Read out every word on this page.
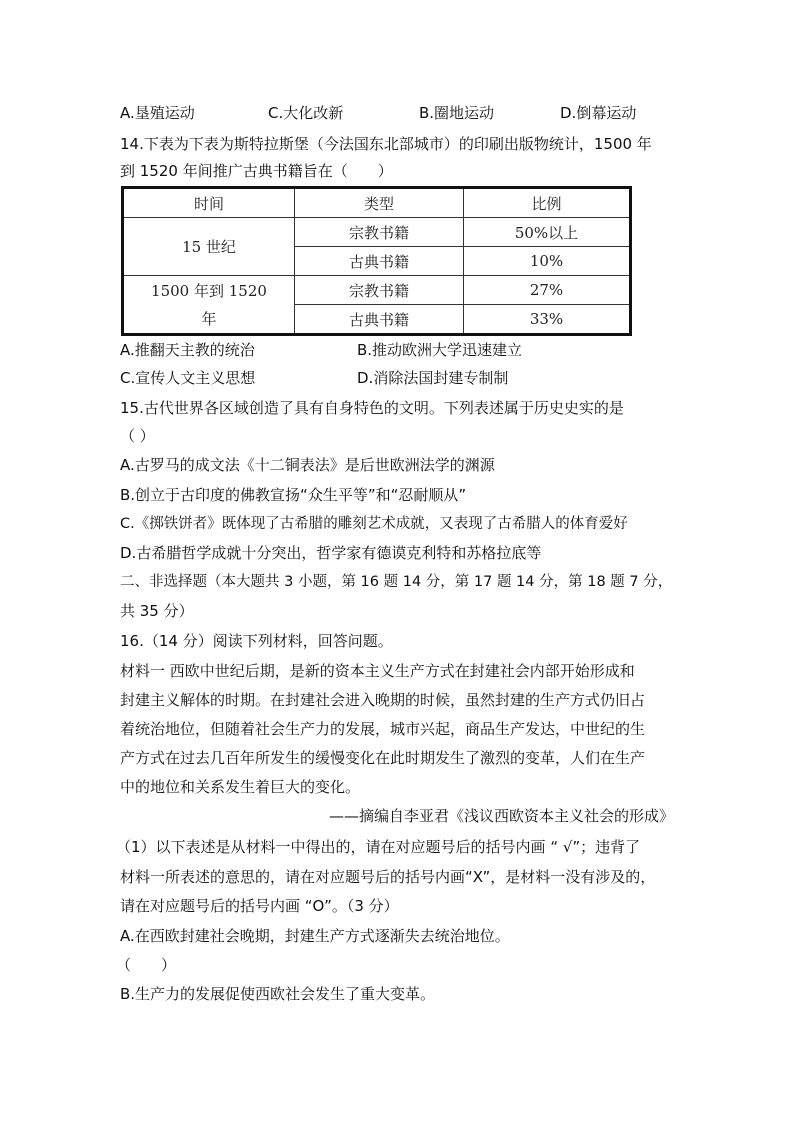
A.垦殖运动	C.大化改新	B.圈地运动	D.倒幕运动
14.下表为下表为斯特拉斯堡（今法国东北部城市）的印刷出版物统计，1500 年
到 1520 年间推广古典书籍旨在（　　）
时间	类型	比例
15 世纪	宗教书籍	50%以上
	古典书籍	10%

1500 年到 1520
年	宗教书籍	27%
	古典书籍	33%
A.推翻天主教的统治	B.推动欧洲大学迅速建立
C.宣传人文主义思想	D.消除法国封建专制制
15.古代世界各区域创造了具有自身特色的文明。下列表述属于历史史实的是
（ ）
A.古罗马的成文法《十二铜表法》是后世欧洲法学的渊源
B.创立于古印度的佛教宣扬“众生平等”和“忍耐顺从”
C.《掷铁饼者》既体现了古希腊的雕刻艺术成就，又表现了古希腊人的体育爱好
D.古希腊哲学成就十分突出，哲学家有德谟克利特和苏格拉底等
二、非选择题（本大题共 3 小题，第 16 题 14 分，第 17 题 14 分，第 18 题 7 分，
共 35 分）
16.（14 分）阅读下列材料，回答问题。
材料一 西欧中世纪后期，是新的资本主义生产方式在封建社会内部开始形成和
封建主义解体的时期。在封建社会进入晚期的时候，虽然封建的生产方式仍旧占
着统治地位，但随着社会生产力的发展，城市兴起，商品生产发达，中世纪的生
产方式在过去几百年所发生的缓慢变化在此时期发生了激烈的变革，人们在生产
中的地位和关系发生着巨大的变化。
——摘编自李亚君《浅议西欧资本主义社会的形成》
（1）以下表述是从材料一中得出的，请在对应题号后的括号内画 “ √”；违背了
材料一所表述的意思的，请在对应题号后的括号内画“X”，是材料一没有涉及的，
请在对应题号后的括号内画 “O”。（3 分）
A.在西欧封建社会晚期，封建生产方式逐渐失去统治地位。
（　　）
B.生产力的发展促使西欧社会发生了重大变革。
